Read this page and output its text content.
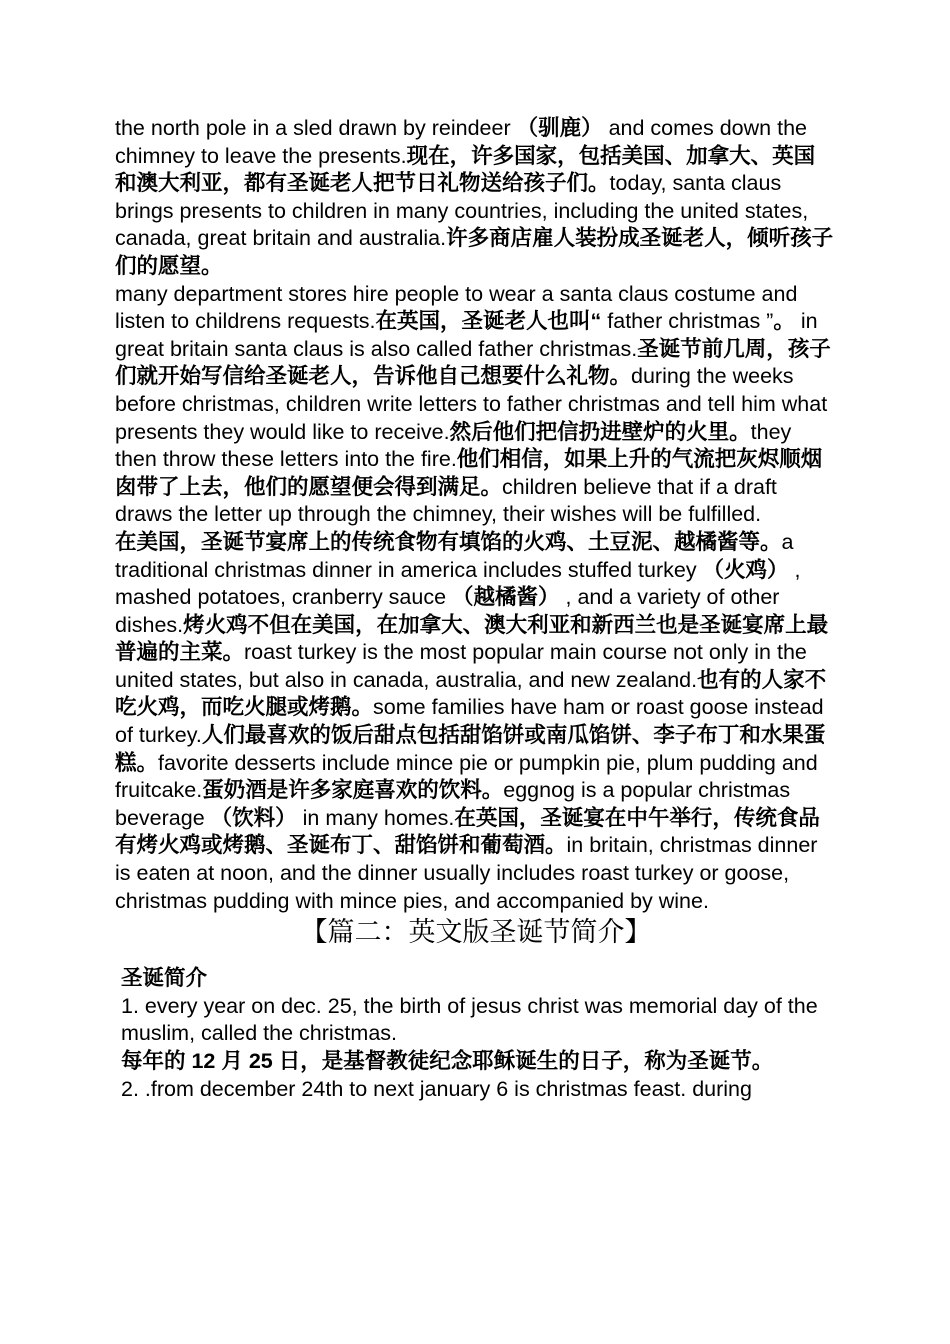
the north pole in a sled drawn by reindeer （驯鹿） and comes down the chimney to leave the presents.现在，许多国家，包括美国、加拿大、英国 和澳大利亚，都有圣诞老人把节日礼物送给孩子们。today, santa claus brings presents to children in many countries, including the united states, canada, great britain and australia.许多商店雇人装扮成圣诞老人，倾听孩子们的愿望。

many department stores hire people to wear a santa claus costume and listen to childrens requests.在英国，圣诞老人也叫“ father christmas ”。 in great britain santa claus is also called father christmas.圣诞节前几周，孩子们就开始写信给圣诞老人，告诉他自己想要什么礼物。during the weeks before christmas, children write letters to father christmas and tell him what presents they would like to receive.然后他们把信扔进壁炉的火里。they then throw these letters into the fire.他们相信，如果上升的气流把灰烬顺烟囱带了上去，他们的愿望便会得到满足。children believe that if a draft draws the letter up through the chimney, their wishes will be fulfilled.

在美国，圣诞节宴席上的传统食物有填馅的火鸡、土豆泥、越橘酱等。a traditional christmas dinner in america includes stuffed turkey （火鸡） , mashed potatoes, cranberry sauce （越橘酱） , and a variety of other dishes.烤火鸡不但在美国，在加拿大、澳大利亚和新西兰也是圣诞宴席上最普遍的主菜。roast turkey is the most popular main course not only in the united states, but also in canada, australia, and new zealand.也有的人家不吃火鸡，而吃火腿或烤鹅。some families have ham or roast goose instead of turkey.人们最喜欢的饭后甜点包括甜馅饼或南瓜馅饼、李子布丁和水果蛋糕。favorite desserts include mince pie or pumpkin pie, plum pudding and fruitcake.蛋奶酒是许多家庭喜欢的饮料。eggnog is a popular christmas beverage （饮料） in many homes.在英国，圣诞宴在中午举行，传统食品有烤火鸡或烤鹅、圣诞布丁、甜馅饼和葡萄酒。in britain, christmas dinner is eaten at noon, and the dinner usually includes roast turkey or goose, christmas pudding with mince pies, and accompanied by wine.

【篇二：英文版圣诞节简介】
圣诞简介

1. every year on dec. 25, the birth of jesus christ was memorial day of the muslim, called the christmas.

每年的 12 月 25 日，是基督教徒纪念耶稣诞生的日子，称为圣诞节。

2. .from december 24th to next january 6 is christmas feast. during
